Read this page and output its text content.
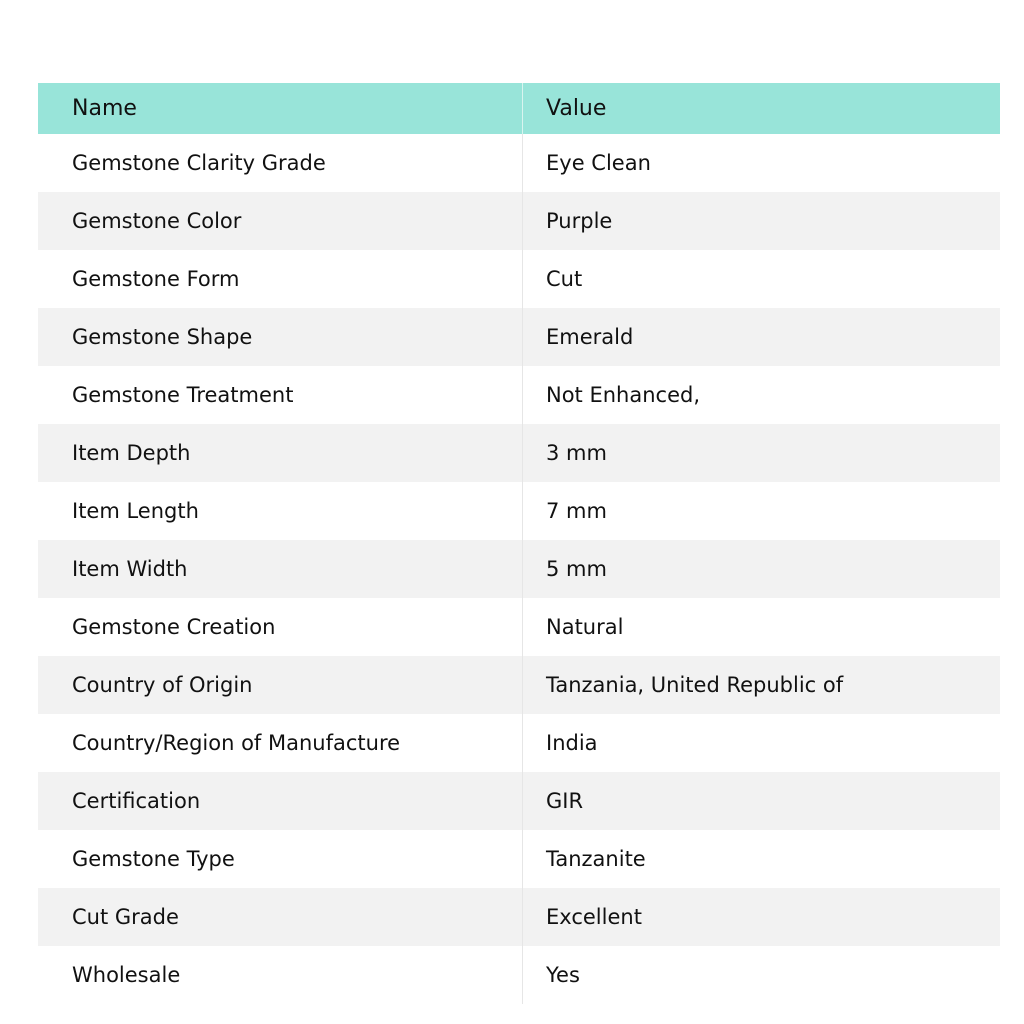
Name	Value
Gemstone Clarity Grade	Eye Clean
Gemstone Color	Purple
Gemstone Form	Cut
Gemstone Shape	Emerald
Gemstone Treatment	Not Enhanced,
Item Depth	3 mm
Item Length	7 mm
Item Width	5 mm
Gemstone Creation	Natural
Country of Origin	Tanzania, United Republic of
Country/Region of Manufacture	India
Certification	GIR
Gemstone Type	Tanzanite
Cut Grade	Excellent
Wholesale	Yes
